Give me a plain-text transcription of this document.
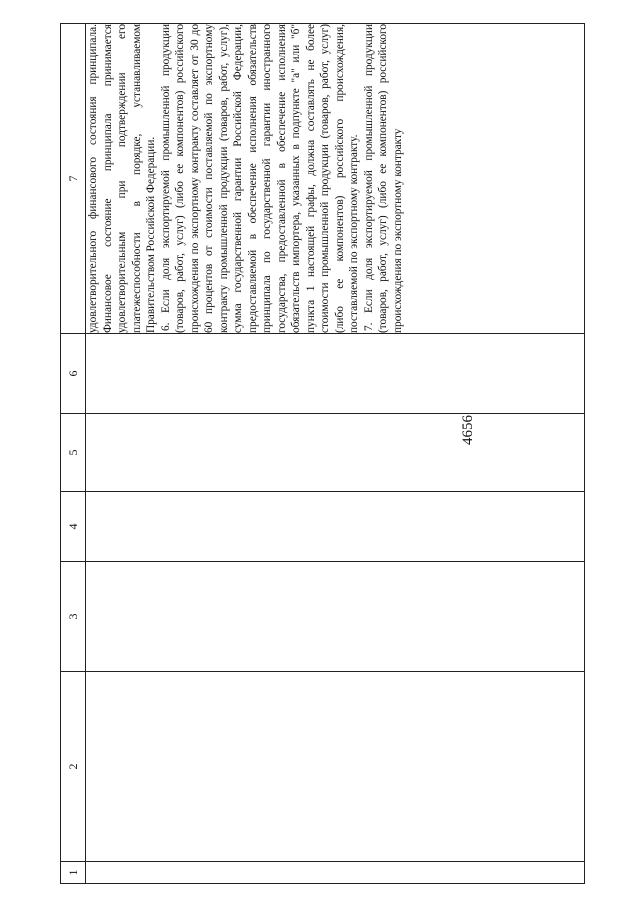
4656
1	2	3	4	5	6	7

						удовлетворительного финансового состояния принципала. Финансовое состояние принципала принимается удовлетворительным при подтверждении его платежеспособности в порядке, устанавливаемом Правительством Российской Федерации. 6. Если доля экспортируемой промышленной продукции (товаров, работ, услуг) (либо ее компонентов) российского происхождения по экспортному контракту составляет от 30 до 60 процентов от стоимости поставляемой по экспортному контракту промышленной продукции (товаров, работ, услуг), сумма государственной гарантии Российской Федерации, предоставляемой в обеспечение исполнения обязательств принципала по государственной гарантии иностранного государства, предоставленной в обеспечение исполнения обязательств импортера, указанных в подпункте "а" или "б" пункта 1 настоящей графы, должна составлять не более стоимости промышленной продукции (товаров, работ, услуг) (либо ее компонентов) российского происхождения, поставляемой по экспортному контракту. 7. Если доля экспортируемой промышленной продукции (товаров, работ, услуг) (либо ее компонентов) российского происхождения по экспортному контракту
